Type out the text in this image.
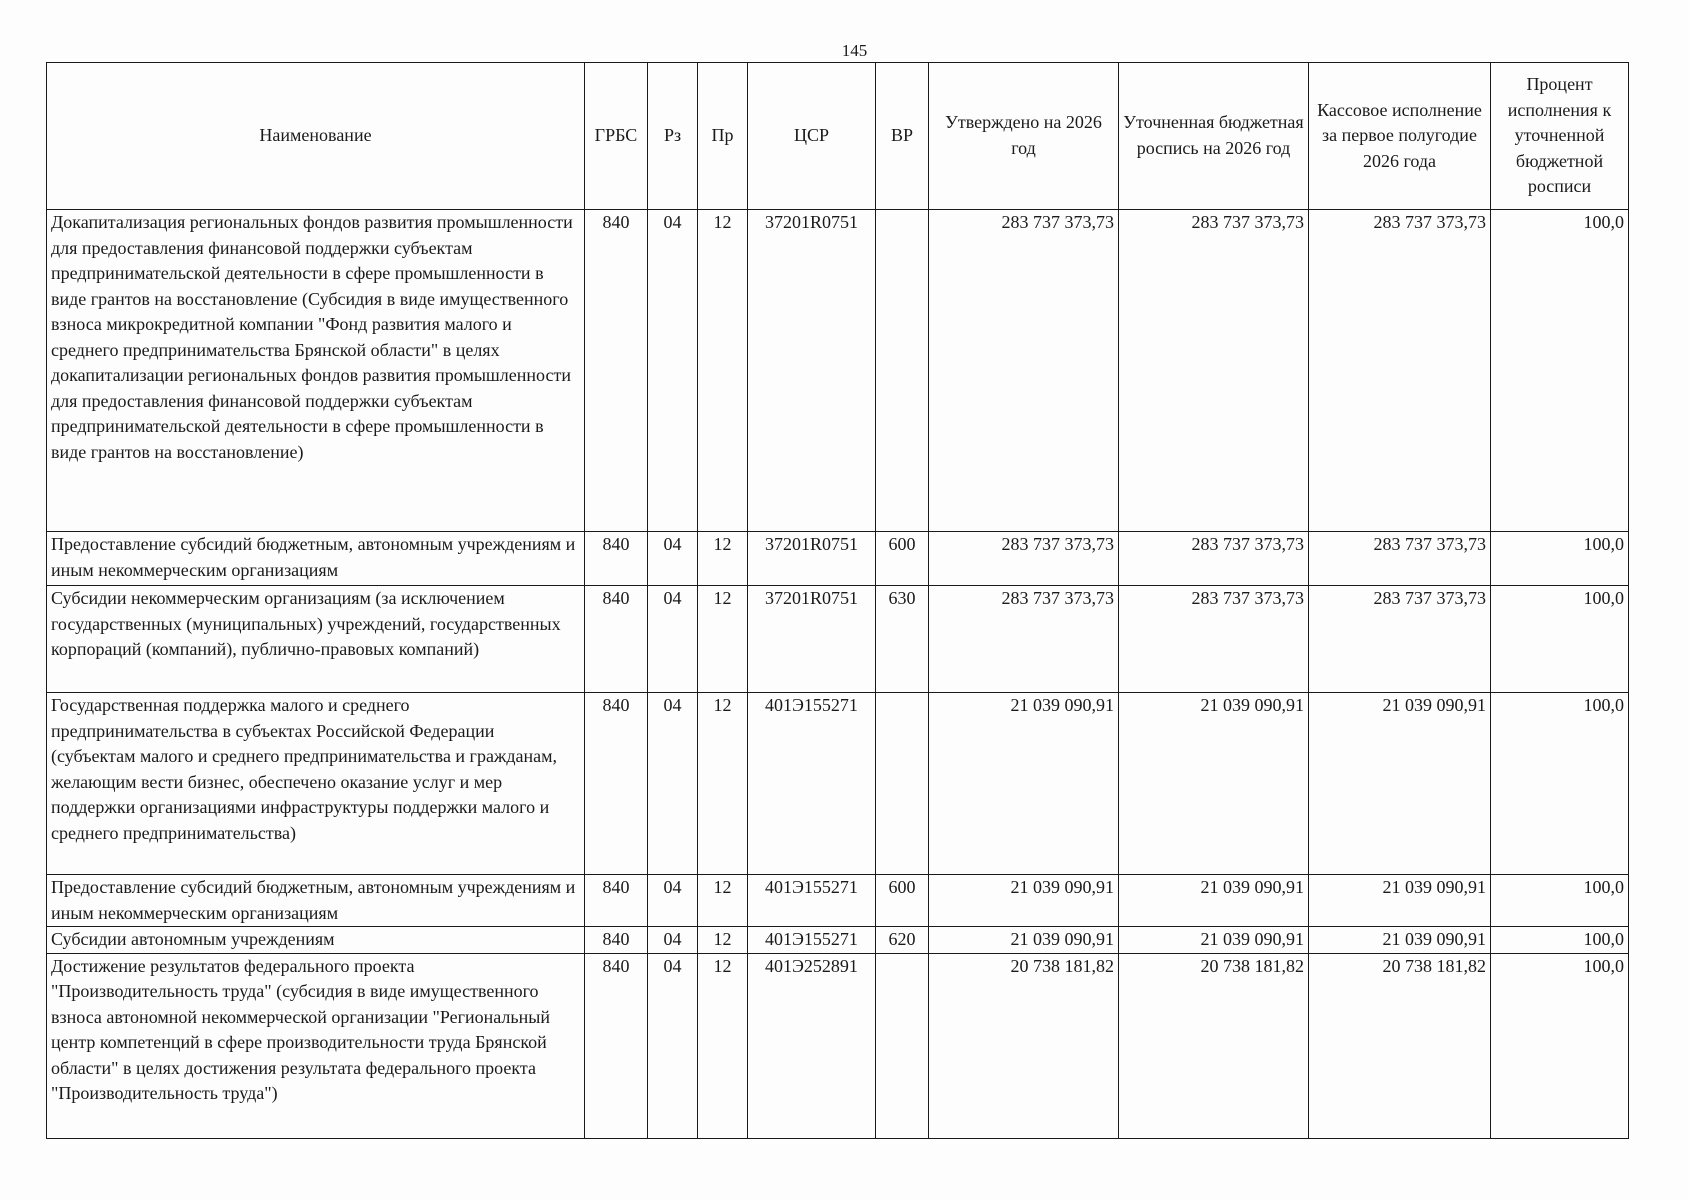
145
Наименование	ГРБС	Рз	Пр	ЦСР	ВР	Утверждено на 2026 год	Уточненная бюджетная роспись на 2026 год	Кассовое исполнение за первое полугодие 2026 года	Процент исполнения к уточненной бюджетной росписи
Докапитализация региональных фондов развития промышленности для предоставления финансовой поддержки субъектам предпринимательской деятельности в сфере промышленности в виде грантов на восстановление (Субсидия в виде имущественного взноса микрокредитной компании "Фонд развития малого и среднего предпринимательства Брянской области" в целях докапитализации региональных фондов развития промышленности для предоставления финансовой поддержки субъектам предпринимательской деятельности в сфере промышленности в виде грантов на восстановление)	840	04	12	37201R0751		283 737 373,73	283 737 373,73	283 737 373,73	100,0
Предоставление субсидий бюджетным, автономным учреждениям и иным некоммерческим организациям	840	04	12	37201R0751	600	283 737 373,73	283 737 373,73	283 737 373,73	100,0
Субсидии некоммерческим организациям (за исключением государственных (муниципальных) учреждений, государственных корпораций (компаний), публично-правовых компаний)	840	04	12	37201R0751	630	283 737 373,73	283 737 373,73	283 737 373,73	100,0
Государственная поддержка малого и среднего предпринимательства в субъектах Российской Федерации (субъектам малого и среднего предпринимательства и гражданам, желающим вести бизнес, обеспечено оказание услуг и мер поддержки организациями инфраструктуры поддержки малого и среднего предпринимательства)	840	04	12	401Э155271		21 039 090,91	21 039 090,91	21 039 090,91	100,0
Предоставление субсидий бюджетным, автономным учреждениям и иным некоммерческим организациям	840	04	12	401Э155271	600	21 039 090,91	21 039 090,91	21 039 090,91	100,0
Субсидии автономным учреждениям	840	04	12	401Э155271	620	21 039 090,91	21 039 090,91	21 039 090,91	100,0
Достижение результатов федерального проекта "Производительность труда" (субсидия в виде имущественного взноса автономной некоммерческой организации "Региональный центр компетенций в сфере производительности труда Брянской области" в целях достижения результата федерального проекта "Производительность труда")	840	04	12	401Э252891		20 738 181,82	20 738 181,82	20 738 181,82	100,0
